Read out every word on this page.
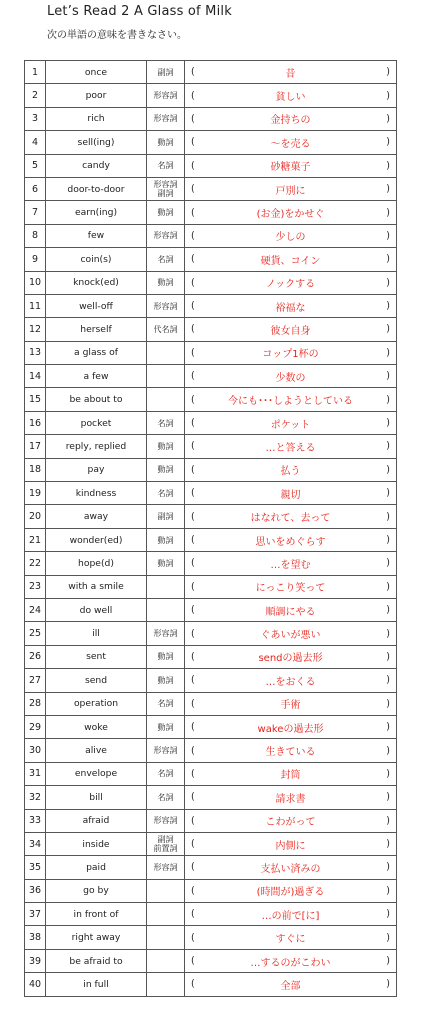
Let’s Read 2 A Glass of Milk
次の単語の意味を書きなさい。
1	once	副詞	( 昔 )

2	poor	形容詞	( 貧しい )

3	rich	形容詞	( 金持ちの )

4	sell(ing)	動詞	( ～を売る )

5	candy	名詞	( 砂糖菓子 )

6	door-to-door	形容詞
副詞	( 戸別に )

7	earn(ing)	動詞	( (お金)をかせぐ )

8	few	形容詞	( 少しの )

9	coin(s)	名詞	( 硬貨、コイン )

10	knock(ed)	動詞	( ノックする )

11	well-off	形容詞	( 裕福な )

12	herself	代名詞	( 彼女自身 )

13	a glass of		( コップ1杯の )

14	a few		( 少数の )

15	be about to		( 今にも･･･しようとしている )

16	pocket	名詞	( ポケット )

17	reply, replied	動詞	( …と答える )

18	pay	動詞	( 払う )

19	kindness	名詞	( 親切 )

20	away	副詞	( はなれて、去って )

21	wonder(ed)	動詞	( 思いをめぐらす )

22	hope(d)	動詞	( …を望む )

23	with a smile		( にっこり笑って )

24	do well		( 順調にやる )

25	ill	形容詞	( ぐあいが悪い )

26	sent	動詞	( sendの過去形 )

27	send	動詞	( …をおくる )

28	operation	名詞	( 手術 )

29	woke	動詞	( wakeの過去形 )

30	alive	形容詞	( 生きている )

31	envelope	名詞	( 封筒 )

32	bill	名詞	( 請求書 )

33	afraid	形容詞	( こわがって )

34	inside	副詞
前置詞	( 内側に )

35	paid	形容詞	( 支払い済みの )

36	go by		( (時間が)過ぎる )

37	in front of		( …の前で[に] )

38	right away		( すぐに )

39	be afraid to		( …するのがこわい )

40	in full		( 全部 )
